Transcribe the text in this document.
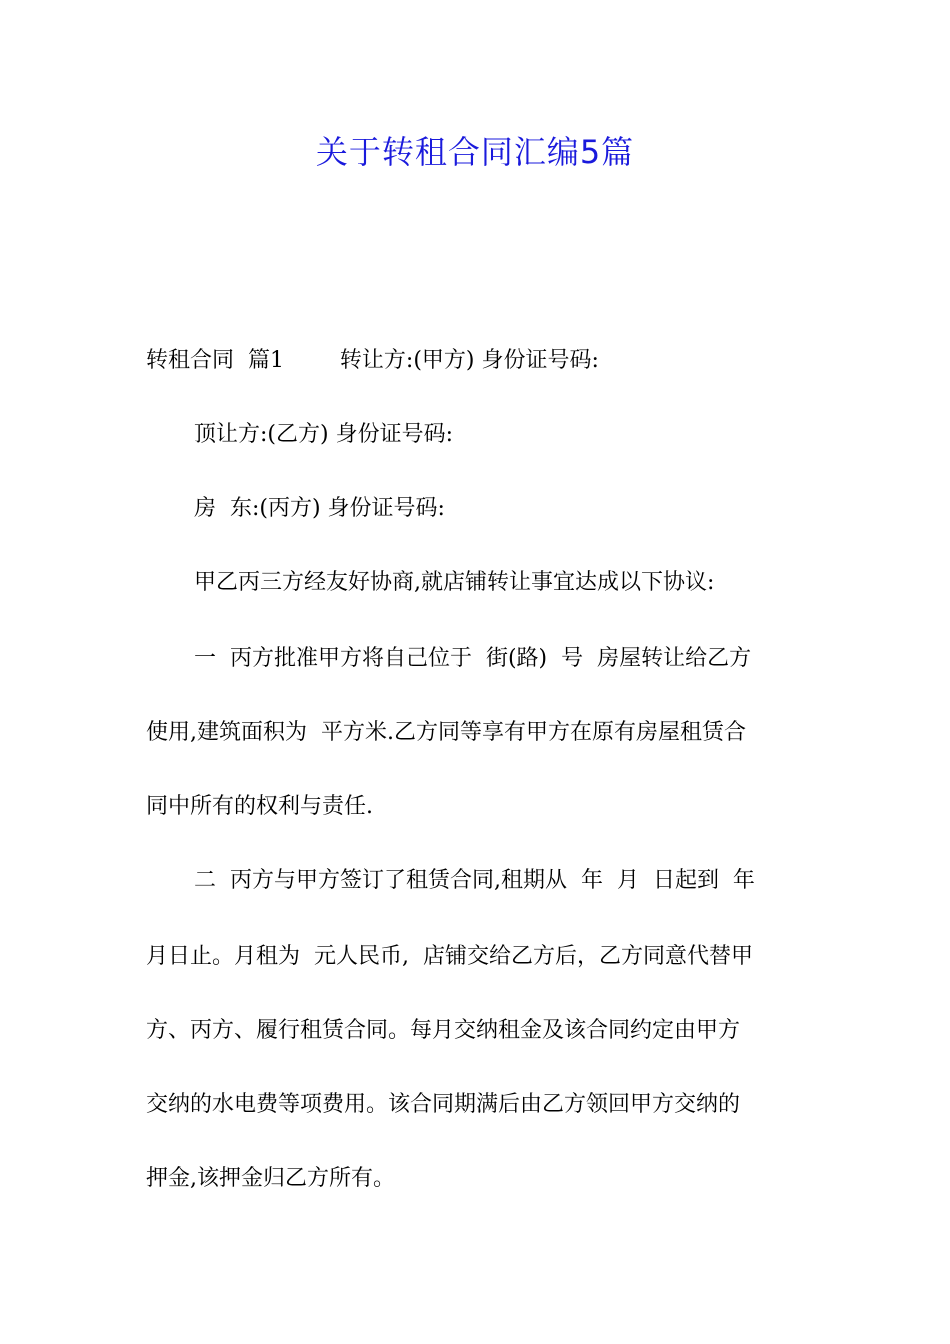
关于转租合同汇编5篇
转租合同  篇1        转让方:(甲方) 身份证号码:
顶让方:(乙方) 身份证号码:
房  东:(丙方) 身份证号码:
甲乙丙三方经友好协商,就店铺转让事宜达成以下协议:
一  丙方批准甲方将自己位于  街(路)  号  房屋转让给乙方
使用,建筑面积为  平方米.乙方同等享有甲方在原有房屋租赁合
同中所有的权利与责任.
二  丙方与甲方签订了租赁合同,租期从  年  月  日起到  年
月日止。月租为  元人民币,  店铺交给乙方后，乙方同意代替甲
方、丙方、履行租赁合同。每月交纳租金及该合同约定由甲方
交纳的水电费等项费用。该合同期满后由乙方领回甲方交纳的
押金,该押金归乙方所有。
